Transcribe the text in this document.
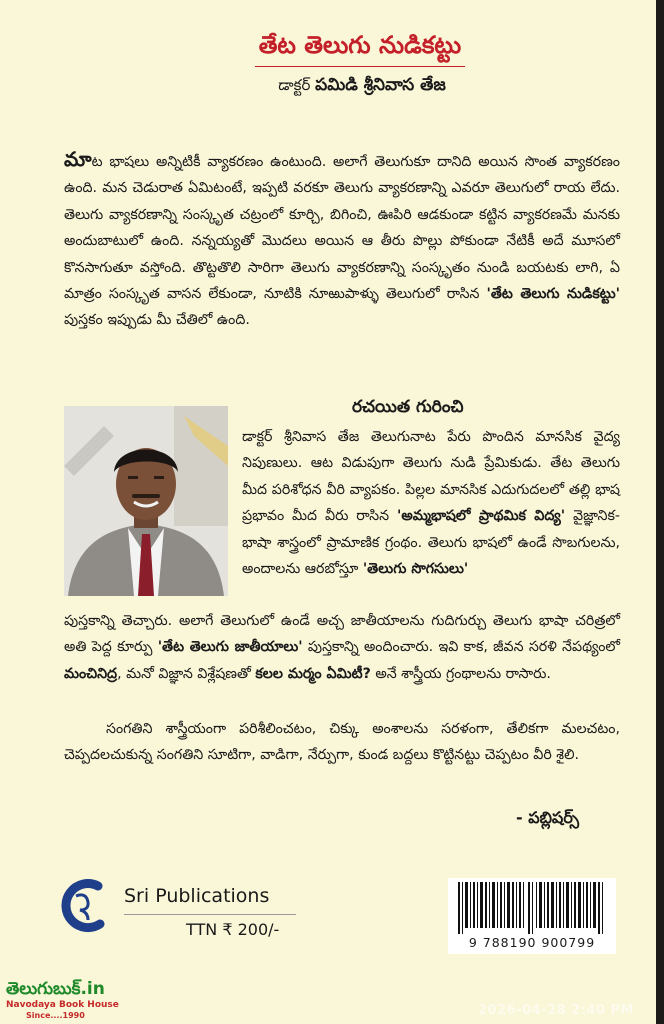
తేట తెలుగు నుడికట్టు
డాక్టర్ పమిడి శ్రీనివాస తేజ

మాట భాషలు అన్నిటికీ వ్యాకరణం ఉంటుంది. అలాగే తెలుగుకూ దానిది అయిన సొంత వ్యాకరణం ఉంది. మన చెడురాత ఏమిటంటే, ఇప్పటి వరకూ తెలుగు వ్యాకరణాన్ని ఎవరూ తెలుగులో రాయ లేదు. తెలుగు వ్యాకరణాన్ని సంస్కృత చట్రంలో కూర్చి, బిగించి, ఊపిరి ఆడకుండా కట్టిన వ్యాకరణమే మనకు అందుబాటులో ఉంది. నన్నయ్యతో మొదలు అయిన ఆ తీరు పొల్లు పోకుండా నేటికీ అదే మూసలో కొనసాగుతూ వస్తోంది. తొట్టతొలి సారిగా తెలుగు వ్యాకరణాన్ని సంస్కృతం నుండి బయటకు లాగి, ఏ మాత్రం సంస్కృత వాసన లేకుండా, నూటికి నూఱుపాళ్ళు తెలుగులో రాసిన 'తేట తెలుగు నుడికట్టు' పుస్తకం ఇప్పుడు మీ చేతిలో ఉంది.

రచయిత గురించి

డాక్టర్ శ్రీనివాస తేజ తెలుగునాట పేరు పొందిన మానసిక వైద్య నిపుణులు. ఆట విడుపుగా తెలుగు నుడి ప్రేమికుడు. తేట తెలుగు మీద పరిశోధన వీరి వ్యాపకం. పిల్లల మానసిక ఎదుగుదలలో తల్లి భాష ప్రభావం మీద వీరు రాసిన 'అమ్మభాషలో ప్రాథమిక విద్య' వైజ్ఞానిక-భాషా శాస్త్రంలో ప్రామాణిక గ్రంథం. తెలుగు భాషలో ఉండే సొబగులను, అందాలను ఆరబోస్తూ 'తెలుగు సొగసులు'

పుస్తకాన్ని తెచ్చారు. అలాగే తెలుగులో ఉండే అచ్చ జాతీయాలను గుదిగుర్చు తెలుగు భాషా చరిత్రలో అతి పెద్ద కూర్పు 'తేట తెలుగు జాతీయాలు' పుస్తకాన్ని అందించారు. ఇవి కాక, జీవన సరళి నేపథ్యంలో మంచినిద్ర, మనో విజ్ఞాన విశ్లేషణతో కలల మర్మం ఏమిటీ? అనే శాస్త్రీయ గ్రంథాలను రాసారు.

సంగతిని శాస్త్రీయంగా పరిశీలించటం, చిక్కు అంశాలను సరళంగా, తేలికగా మలచటం, చెప్పదలచుకున్న సంగతిని సూటిగా, వాడిగా, నేర్పుగా, కుండ బద్దలు కొట్టినట్టు చెప్పటం వీరి శైలి.

- పబ్లిషర్స్
Sri Publications
TTN ₹ 200/-
9 788190 900799
తెలుగుబుక్.in
Navodaya Book House
Since....1990	2026-04-28 2:40 PM
